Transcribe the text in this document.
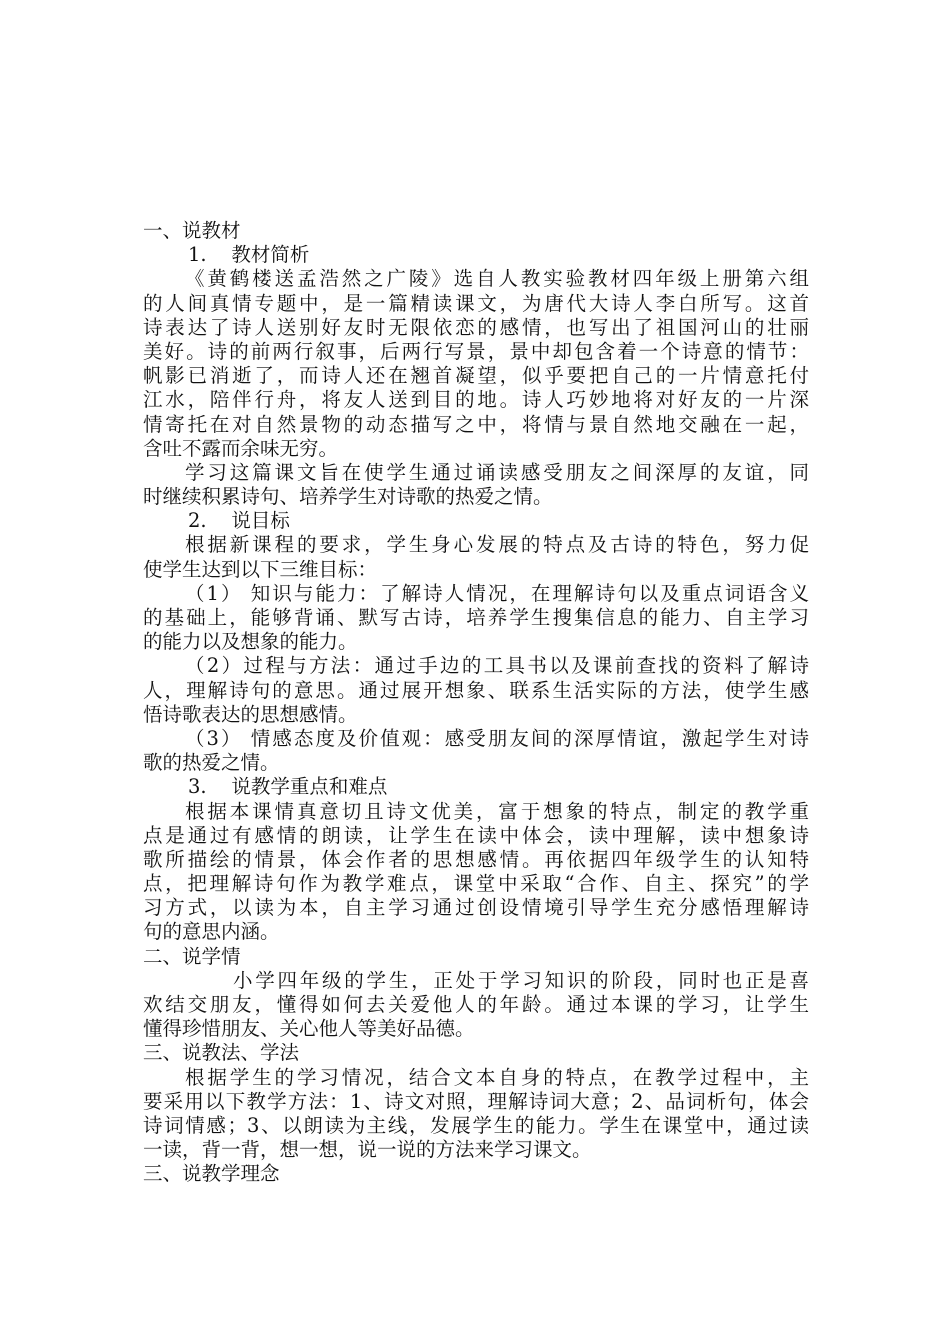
一、说教材
1.    教材简析
《黄鹤楼送孟浩然之广陵》选自人教实验教材四年级上册第六组
的人间真情专题中，是一篇精读课文，为唐代大诗人李白所写。这首
诗表达了诗人送别好友时无限依恋的感情，也写出了祖国河山的壮丽
美好。诗的前两行叙事，后两行写景，景中却包含着一个诗意的情节：
帆影已消逝了，而诗人还在翘首凝望，似乎要把自己的一片情意托付
江水，陪伴行舟，将友人送到目的地。诗人巧妙地将对好友的一片深
情寄托在对自然景物的动态描写之中，将情与景自然地交融在一起，
含吐不露而余味无穷。
学习这篇课文旨在使学生通过诵读感受朋友之间深厚的友谊，同
时继续积累诗句、培养学生对诗歌的热爱之情。
2.    说目标
根据新课程的要求，学生身心发展的特点及古诗的特色，努力促
使学生达到以下三维目标：
（1） 知识与能力：了解诗人情况，在理解诗句以及重点词语含义
的基础上，能够背诵、默写古诗，培养学生搜集信息的能力、自主学习
的能力以及想象的能力。
（2）过程与方法：通过手边的工具书以及课前查找的资料了解诗
人，理解诗句的意思。通过展开想象、联系生活实际的方法，使学生感
悟诗歌表达的思想感情。
（3） 情感态度及价值观：感受朋友间的深厚情谊，激起学生对诗
歌的热爱之情。
3.    说教学重点和难点
根据本课情真意切且诗文优美，富于想象的特点，制定的教学重
点是通过有感情的朗读，让学生在读中体会，读中理解，读中想象诗
歌所描绘的情景，体会作者的思想感情。再依据四年级学生的认知特
点，把理解诗句作为教学难点，课堂中采取“合作、自主、探究”的学
习方式，以读为本，自主学习通过创设情境引导学生充分感悟理解诗
句的意思内涵。
二、说学情
小学四年级的学生，正处于学习知识的阶段，同时也正是喜
欢结交朋友，懂得如何去关爱他人的年龄。通过本课的学习，让学生
懂得珍惜朋友、关心他人等美好品德。
三、说教法、学法
根据学生的学习情况，结合文本自身的特点，在教学过程中，主
要采用以下教学方法：1、诗文对照，理解诗词大意；2、品词析句，体会
诗词情感；3、以朗读为主线，发展学生的能力。学生在课堂中，通过读
一读，背一背，想一想，说一说的方法来学习课文。
三、说教学理念
